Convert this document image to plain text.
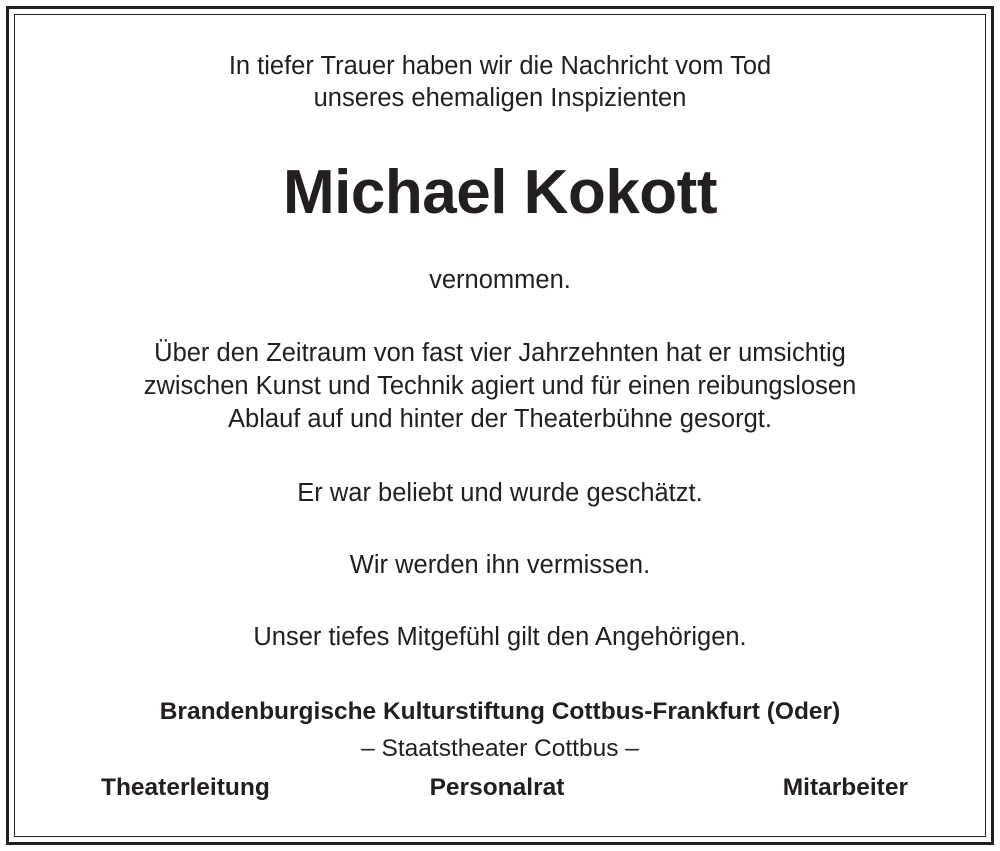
In tiefer Trauer haben wir die Nachricht vom Tod
unseres ehemaligen Inspizienten
Michael Kokott
vernommen.
Über den Zeitraum von fast vier Jahrzehnten hat er umsichtig
zwischen Kunst und Technik agiert und für einen reibungslosen
Ablauf auf und hinter der Theaterbühne gesorgt.
Er war beliebt und wurde geschätzt.
Wir werden ihn vermissen.
Unser tiefes Mitgefühl gilt den Angehörigen.
Brandenburgische Kulturstiftung Cottbus-Frankfurt (Oder)
– Staatstheater Cottbus –
Theaterleitung	Personalrat	Mitarbeiter
